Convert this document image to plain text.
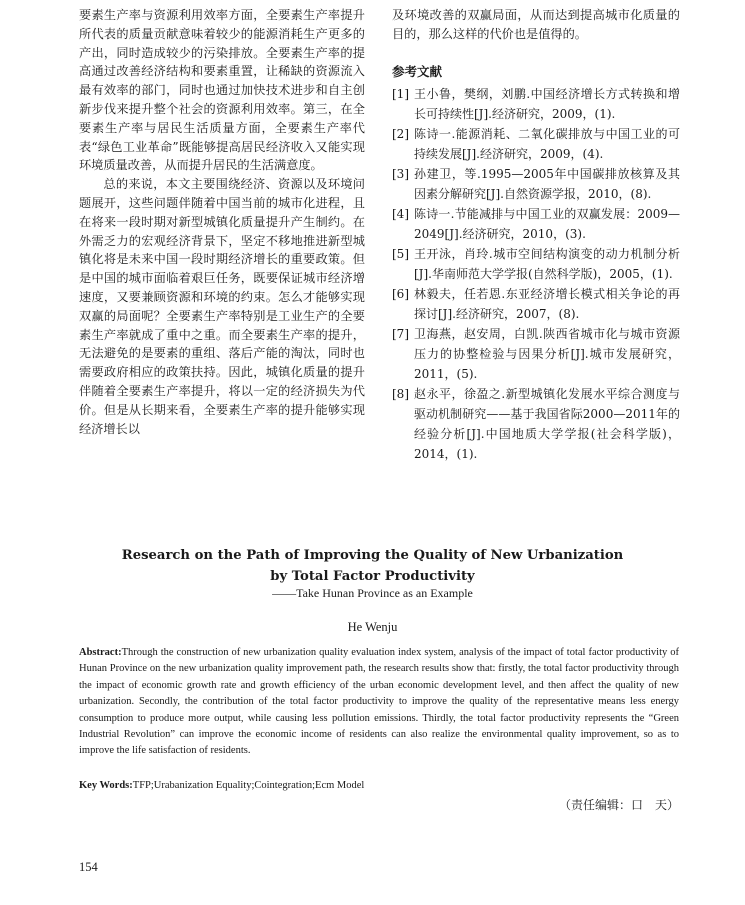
要素生产率与资源利用效率方面，全要素生产率提升所代表的质量贡献意味着较少的能源消耗生产更多的产出，同时造成较少的污染排放。全要素生产率的提高通过改善经济结构和要素重置，让稀缺的资源流入最有效率的部门，同时也通过加快技术进步和自主创新步伐来提升整个社会的资源利用效率。第三，在全要素生产率与居民生活质量方面，全要素生产率代表“绿色工业革命”既能够提高居民经济收入又能实现环境质量改善，从而提升居民的生活满意度。

总的来说，本文主要围绕经济、资源以及环境问题展开，这些问题伴随着中国当前的城市化进程，且在将来一段时期对新型城镇化质量提升产生制约。在外需乏力的宏观经济背景下，坚定不移地推进新型城镇化将是未来中国一段时期经济增长的重要政策。但是中国的城市面临着艰巨任务，既要保证城市经济增速度，又要兼顾资源和环境的约束。怎么才能够实现双赢的局面呢？全要素生产率特别是工业生产的全要素生产率就成了重中之重。而全要素生产率的提升，无法避免的是要素的重组、落后产能的淘汰，同时也需要政府相应的政策扶持。因此，城镇化质量的提升伴随着全要素生产率提升，将以一定的经济损失为代价。但是从长期来看，全要素生产率的提升能够实现经济增长以

及环境改善的双赢局面，从而达到提高城市化质量的目的，那么这样的代价也是值得的。

参考文献
[1] 王小鲁，樊纲，刘鹏.中国经济增长方式转换和增长可持续性[J].经济研究，2009，(1).
[2] 陈诗一.能源消耗、二氧化碳排放与中国工业的可持续发展[J].经济研究，2009，(4).
[3] 孙建卫，等.1995—2005年中国碳排放核算及其因素分解研究[J].自然资源学报，2010，(8).
[4] 陈诗一.节能减排与中国工业的双赢发展：2009—2049[J].经济研究，2010，(3).
[5] 王开泳，肖玲.城市空间结构演变的动力机制分析[J].华南师范大学学报(自然科学版)，2005，(1).
[6] 林毅夫，任若恩.东亚经济增长模式相关争论的再探讨[J].经济研究，2007，(8).
[7] 卫海燕，赵安周，白凯.陕西省城市化与城市资源压力的协整检验与因果分析[J].城市发展研究，2011，(5).
[8] 赵永平，徐盈之.新型城镇化发展水平综合测度与驱动机制研究——基于我国省际2000—2011年的经验分析[J].中国地质大学学报(社会科学版)，2014，(1).
Research on the Path of Improving the Quality of New Urbanization
by Total Factor Productivity
——Take Hunan Province as an Example
He Wenju
Abstract:Through the construction of new urbanization quality evaluation index system, analysis of the impact of total factor productivity of Hunan Province on the new urbanization quality improvement path, the research results show that: firstly, the total factor productivity through the impact of economic growth rate and growth efficiency of the urban economic development level, and then affect the quality of new urbanization. Secondly, the contribution of the total factor productivity to improve the quality of the representative means less energy consumption to produce more output, while causing less pollution emissions. Thirdly, the total factor productivity represents the “Green Industrial Revolution” can improve the economic income of residents can also realize the environmental quality improvement, so as to improve the life satisfaction of residents.
Key Words:TFP;Urabanization Equality;Cointegration;Ecm Model
（责任编辑：口　天）
154
